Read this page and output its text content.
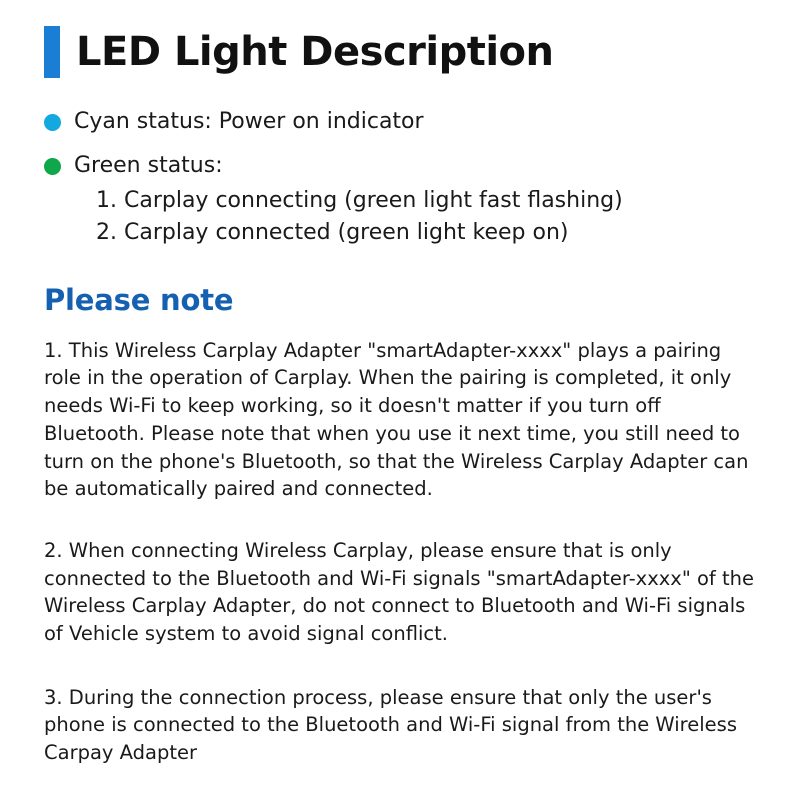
LED Light Description
Cyan status: Power on indicator
Green status:
1. Carplay connecting (green light fast flashing)
2. Carplay connected (green light keep on)
Please note

1. This Wireless Carplay Adapter "smartAdapter-xxxx" plays a pairing role in the operation of Carplay. When the pairing is completed, it only needs Wi-Fi to keep working, so it doesn't matter if you turn off Bluetooth. Please note that when you use it next time, you still need to turn on the phone's Bluetooth, so that the Wireless Carplay Adapter can be automatically paired and connected.

2. When connecting Wireless Carplay, please ensure that is only connected to the Bluetooth and Wi-Fi signals "smartAdapter-xxxx" of the Wireless Carplay Adapter, do not connect to Bluetooth and Wi-Fi signals of Vehicle system to avoid signal conflict.

3. During the connection process, please ensure that only the user's phone is connected to the Bluetooth and Wi-Fi signal from the Wireless Carpay Adapter
